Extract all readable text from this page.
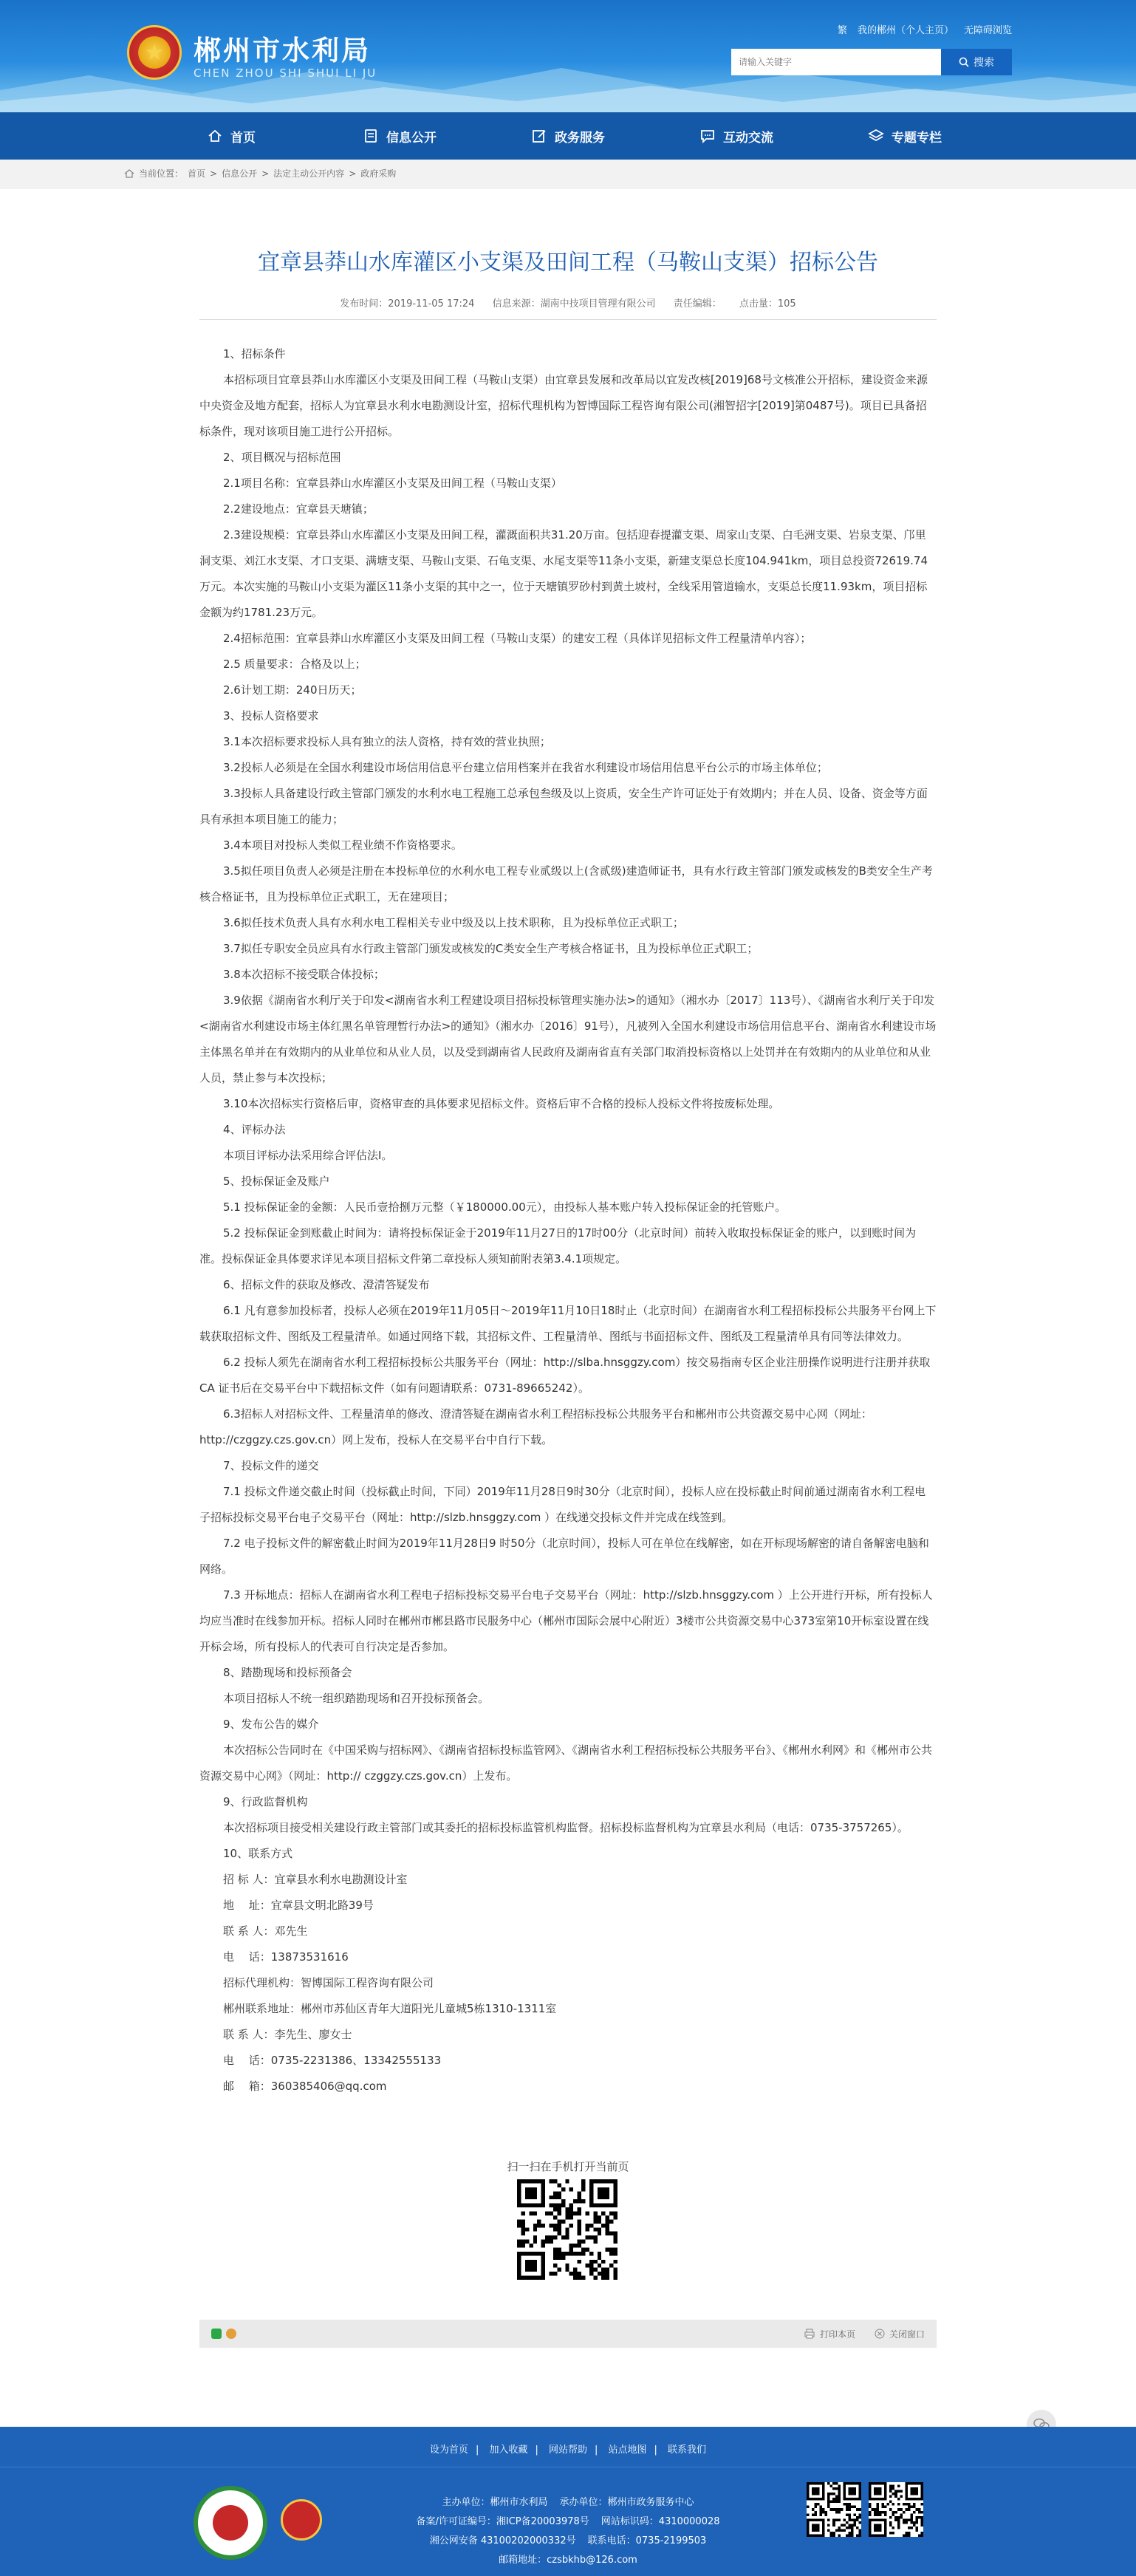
郴州市水利局
CHEN ZHOU SHI SHUI LI JU
繁 我的郴州（个人主页） 无障碍浏览
请输入关键字
搜索
首页	信息公开	政务服务	互动交流	专题专栏
当前位置： 首页 > 信息公开 > 法定主动公开内容 > 政府采购
宜章县莽山水库灌区小支渠及田间工程（马鞍山支渠）招标公告
发布时间：2019-11-05 17:24 信息来源：湖南中技项目管理有限公司 责任编辑： 点击量：105

1、招标条件

本招标项目宜章县莽山水库灌区小支渠及田间工程（马鞍山支渠）由宜章县发展和改革局以宜发改核[2019]68号文核准公开招标，建设资金来源中央资金及地方配套，招标人为宜章县水利水电勘测设计室，招标代理机构为智博国际工程咨询有限公司(湘智招字[2019]第0487号)。项目已具备招标条件，现对该项目施工进行公开招标。

2、项目概况与招标范围

2.1项目名称：宜章县莽山水库灌区小支渠及田间工程（马鞍山支渠）

2.2建设地点：宜章县天塘镇；

2.3建设规模：宜章县莽山水库灌区小支渠及田间工程，灌溉面积共31.20万亩。包括迎春提灌支渠、周家山支渠、白毛洲支渠、岩泉支渠、邝里洞支渠、刘江水支渠、才口支渠、满塘支渠、马鞍山支渠、石龟支渠、水尾支渠等11条小支渠，新建支渠总长度104.941km，项目总投资72619.74万元。本次实施的马鞍山小支渠为灌区11条小支渠的其中之一，位于天塘镇罗砂村到黄土坡村，全线采用管道输水，支渠总长度11.93km，项目招标金额为约1781.23万元。

2.4招标范围：宜章县莽山水库灌区小支渠及田间工程（马鞍山支渠）的建安工程（具体详见招标文件工程量清单内容）；

2.5 质量要求：合格及以上；

2.6计划工期：240日历天；

3、投标人资格要求

3.1本次招标要求投标人具有独立的法人资格，持有效的营业执照；

3.2投标人必须是在全国水利建设市场信用信息平台建立信用档案并在我省水利建设市场信用信息平台公示的市场主体单位；

3.3投标人具备建设行政主管部门颁发的水利水电工程施工总承包叁级及以上资质，安全生产许可证处于有效期内；并在人员、设备、资金等方面具有承担本项目施工的能力；

3.4本项目对投标人类似工程业绩不作资格要求。

3.5拟任项目负责人必须是注册在本投标单位的水利水电工程专业贰级以上(含贰级)建造师证书，具有水行政主管部门颁发或核发的B类安全生产考核合格证书，且为投标单位正式职工，无在建项目；

3.6拟任技术负责人具有水利水电工程相关专业中级及以上技术职称，且为投标单位正式职工；

3.7拟任专职安全员应具有水行政主管部门颁发或核发的C类安全生产考核合格证书，且为投标单位正式职工；

3.8本次招标不接受联合体投标；

3.9依据《湖南省水利厅关于印发<湖南省水利工程建设项目招标投标管理实施办法>的通知》（湘水办〔2017〕113号）、《湖南省水利厅关于印发<湖南省水利建设市场主体红黑名单管理暂行办法>的通知》（湘水办〔2016〕91号），凡被列入全国水利建设市场信用信息平台、湖南省水利建设市场主体黑名单并在有效期内的从业单位和从业人员，以及受到湖南省人民政府及湖南省直有关部门取消投标资格以上处罚并在有效期内的从业单位和从业人员，禁止参与本次投标；

3.10本次招标实行资格后审，资格审查的具体要求见招标文件。资格后审不合格的投标人投标文件将按废标处理。

4、评标办法

本项目评标办法采用综合评估法Ⅰ。

5、投标保证金及账户

5.1 投标保证金的金额：人民币壹拾捌万元整（￥180000.00元），由投标人基本账户转入投标保证金的托管账户。

5.2 投标保证金到账截止时间为：请将投标保证金于2019年11月27日的17时00分（北京时间）前转入收取投标保证金的账户，以到账时间为准。投标保证金具体要求详见本项目招标文件第二章投标人须知前附表第3.4.1项规定。

6、招标文件的获取及修改、澄清答疑发布

6.1 凡有意参加投标者，投标人必须在2019年11月05日～2019年11月10日18时止（北京时间）在湖南省水利工程招标投标公共服务平台网上下载获取招标文件、图纸及工程量清单。如通过网络下载，其招标文件、工程量清单、图纸与书面招标文件、图纸及工程量清单具有同等法律效力。

6.2 投标人须先在湖南省水利工程招标投标公共服务平台（网址：http://slba.hnsggzy.com）按交易指南专区企业注册操作说明进行注册并获取 CA 证书后在交易平台中下载招标文件（如有问题请联系：0731-89665242）。

6.3招标人对招标文件、工程量清单的修改、澄清答疑在湖南省水利工程招标投标公共服务平台和郴州市公共资源交易中心网（网址：http://czggzy.czs.gov.cn）网上发布，投标人在交易平台中自行下载。

7、投标文件的递交

7.1 投标文件递交截止时间（投标截止时间，下同）2019年11月28日9时30分（北京时间），投标人应在投标截止时间前通过湖南省水利工程电子招标投标交易平台电子交易平台（网址：http://slzb.hnsggzy.com ）在线递交投标文件并完成在线签到。

7.2 电子投标文件的解密截止时间为2019年11月28日9 时50分（北京时间），投标人可在单位在线解密，如在开标现场解密的请自备解密电脑和网络。

7.3 开标地点：招标人在湖南省水利工程电子招标投标交易平台电子交易平台（网址：http://slzb.hnsggzy.com ）上公开进行开标，所有投标人均应当准时在线参加开标。招标人同时在郴州市郴县路市民服务中心（郴州市国际会展中心附近）3楼市公共资源交易中心373室第10开标室设置在线开标会场，所有投标人的代表可自行决定是否参加。

8、踏勘现场和投标预备会

本项目招标人不统一组织踏勘现场和召开投标预备会。

9、发布公告的媒介

本次招标公告同时在《中国采购与招标网》、《湖南省招标投标监管网》、《湖南省水利工程招标投标公共服务平台》、《郴州水利网》和《郴州市公共资源交易中心网》（网址：http:// czggzy.czs.gov.cn）上发布。

9、行政监督机构

本次招标项目接受相关建设行政主管部门或其委托的招标投标监管机构监督。招标投标监督机构为宜章县水利局（电话：0735-3757265）。

10、联系方式

招 标 人：宜章县水利水电勘测设计室

地　 址：宜章县文明北路39号

联 系 人：邓先生

电　 话：13873531616

招标代理机构：智博国际工程咨询有限公司

郴州联系地址：郴州市苏仙区青年大道阳光儿童城5栋1310-1311室

联 系 人：李先生、廖女士

电　 话：0735-2231386、13342555133

邮　 箱：360385406@qq.com

扫一扫在手机打开当前页
打印本页	关闭窗口
设为首页 | 加入收藏 | 网站帮助 | 站点地图 | 联系我们
主办单位：郴州市水利局 承办单位：郴州市政务服务中心
备案/许可证编号：湘ICP备20003978号 网站标识码：4310000028
湘公网安备 43100202000332号 联系电话：0735-2199503
邮箱地址：czsbkhb@126.com
